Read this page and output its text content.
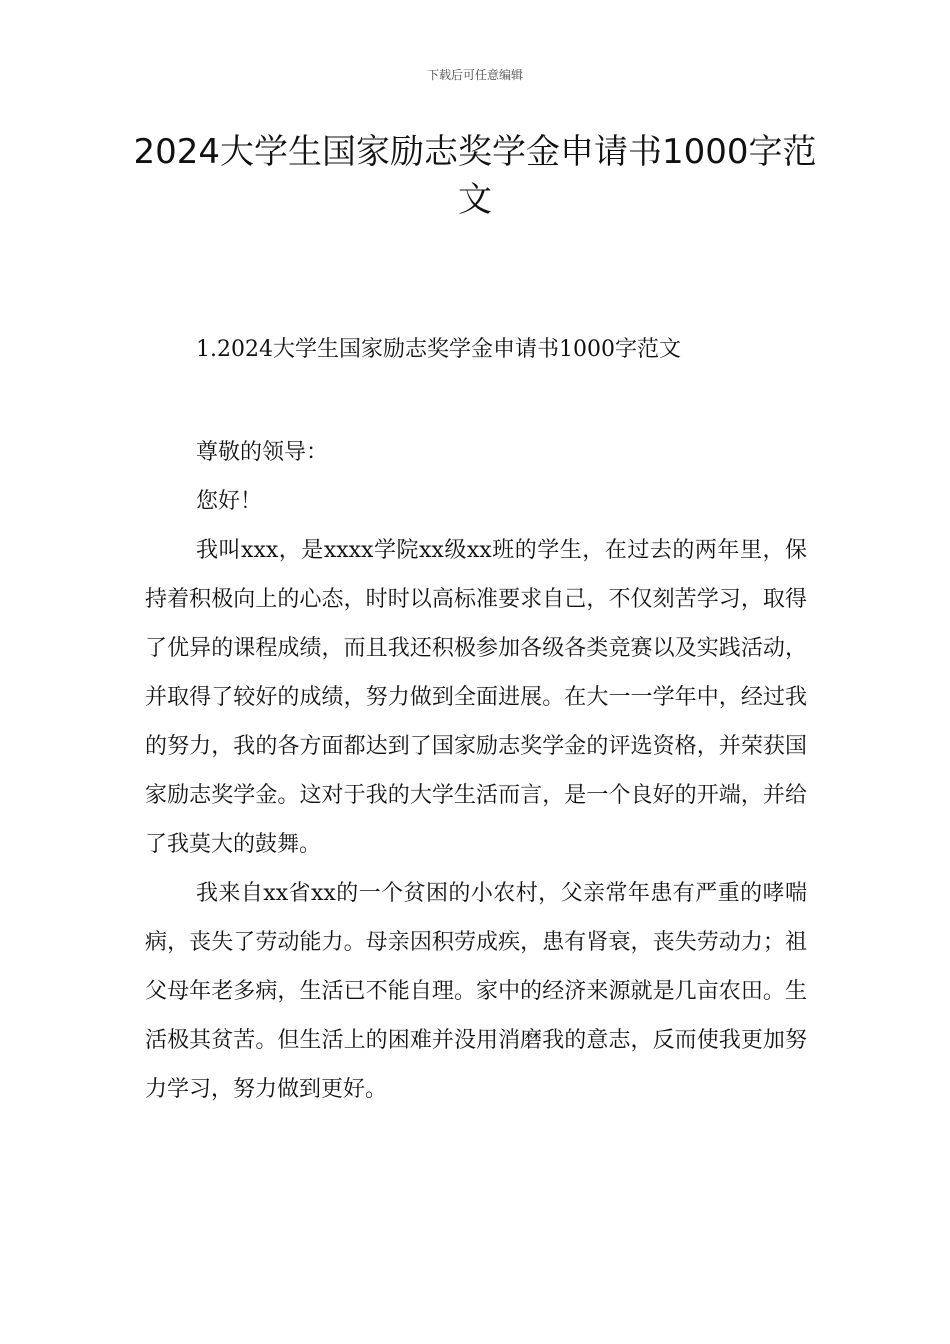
下载后可任意编辑
2024大学生国家励志奖学金申请书1000字范文
1.2024大学生国家励志奖学金申请书1000字范文

尊敬的领导：

您好！

我叫xxx，是xxxx学院xx级xx班的学生，在过去的两年里，保持着积极向上的心态，时时以高标准要求自己，不仅刻苦学习，取得了优异的课程成绩，而且我还积极参加各级各类竞赛以及实践活动，并取得了较好的成绩，努力做到全面进展。在大一一学年中，经过我的努力，我的各方面都达到了国家励志奖学金的评选资格，并荣获国家励志奖学金。这对于我的大学生活而言，是一个良好的开端，并给了我莫大的鼓舞。

我来自xx省xx的一个贫困的小农村，父亲常年患有严重的哮喘病，丧失了劳动能力。母亲因积劳成疾，患有肾衰，丧失劳动力；祖父母年老多病，生活已不能自理。家中的经济来源就是几亩农田。生活极其贫苦。但生活上的困难并没用消磨我的意志，反而使我更加努力学习，努力做到更好。
